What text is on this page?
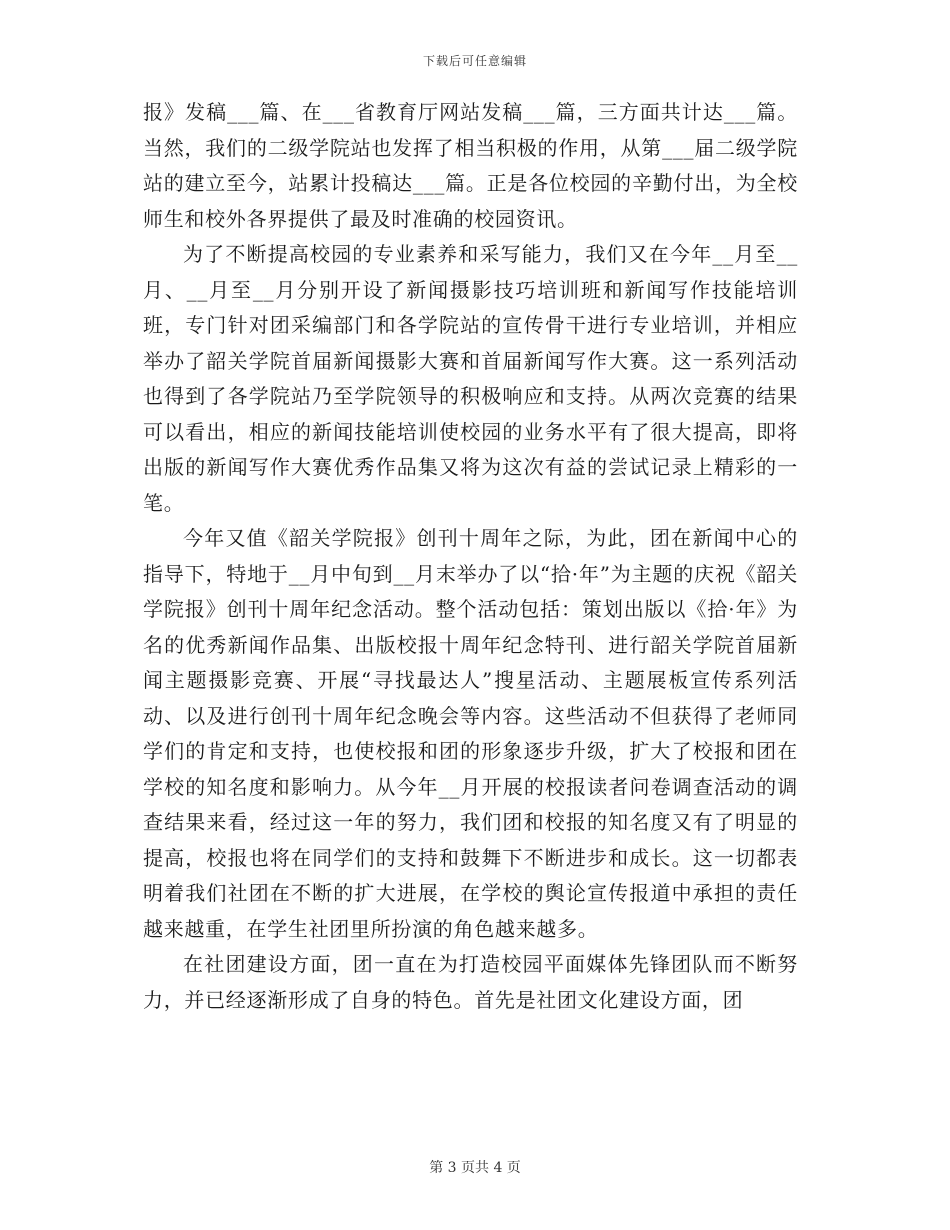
下载后可任意编辑

报》发稿___篇、在___省教育厅网站发稿___篇，三方面共计达___篇。当然，我们的二级学院站也发挥了相当积极的作用，从第___届二级学院站的建立至今，站累计投稿达___篇。正是各位校园的辛勤付出，为全校师生和校外各界提供了最及时准确的校园资讯。

为了不断提高校园的专业素养和采写能力，我们又在今年__月至__月、__月至__月分别开设了新闻摄影技巧培训班和新闻写作技能培训班，专门针对团采编部门和各学院站的宣传骨干进行专业培训，并相应举办了韶关学院首届新闻摄影大赛和首届新闻写作大赛。这一系列活动也得到了各学院站乃至学院领导的积极响应和支持。从两次竞赛的结果可以看出，相应的新闻技能培训使校园的业务水平有了很大提高，即将出版的新闻写作大赛优秀作品集又将为这次有益的尝试记录上精彩的一笔。

今年又值《韶关学院报》创刊十周年之际，为此，团在新闻中心的指导下，特地于__月中旬到__月末举办了以“拾·年”为主题的庆祝《韶关学院报》创刊十周年纪念活动。整个活动包括：策划出版以《拾·年》为名的优秀新闻作品集、出版校报十周年纪念特刊、进行韶关学院首届新闻主题摄影竞赛、开展“寻找最达人”搜星活动、主题展板宣传系列活动、以及进行创刊十周年纪念晚会等内容。这些活动不但获得了老师同学们的肯定和支持，也使校报和团的形象逐步升级，扩大了校报和团在学校的知名度和影响力。从今年__月开展的校报读者问卷调查活动的调查结果来看，经过这一年的努力，我们团和校报的知名度又有了明显的提高，校报也将在同学们的支持和鼓舞下不断进步和成长。这一切都表明着我们社团在不断的扩大进展，在学校的舆论宣传报道中承担的责任越来越重，在学生社团里所扮演的角色越来越多。

在社团建设方面，团一直在为打造校园平面媒体先锋团队而不断努力，并已经逐渐形成了自身的特色。首先是社团文化建设方面，团

第 3 页共 4 页
